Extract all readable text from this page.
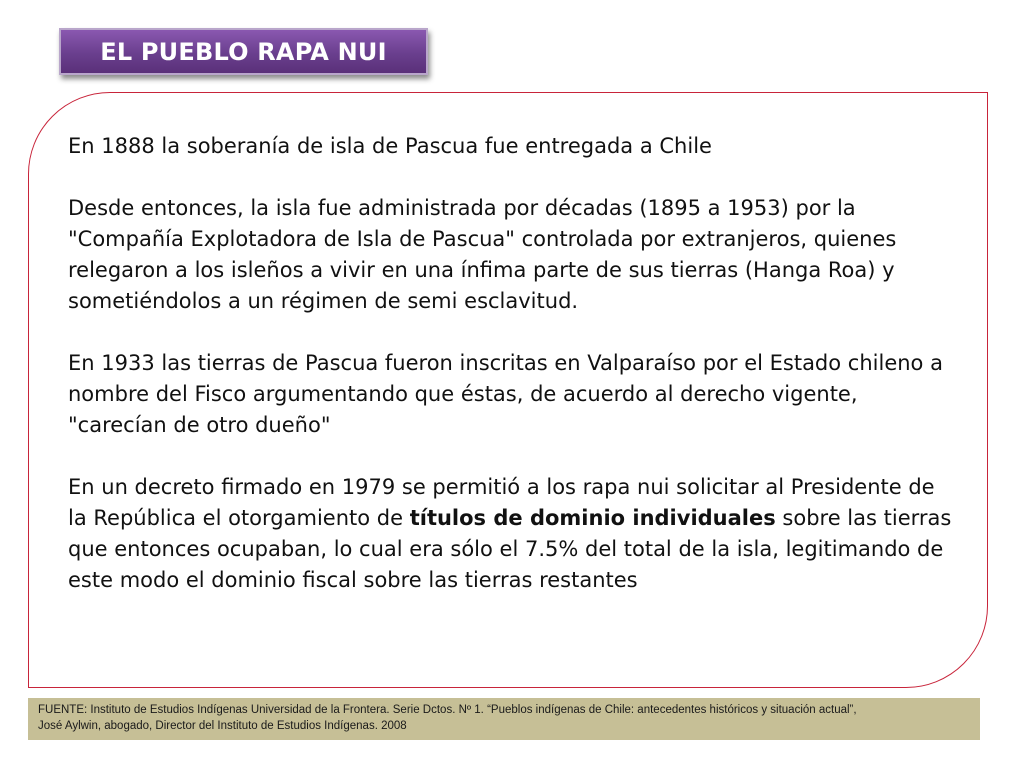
EL PUEBLO RAPA NUI

En 1888 la soberanía de isla de Pascua fue entregada a Chile

Desde entonces, la isla fue administrada por décadas (1895 a 1953) por la "Compañía Explotadora de Isla de Pascua" controlada por extranjeros, quienes relegaron a los isleños a vivir en una ínfima parte de sus tierras (Hanga Roa) y sometiéndolos a un régimen de semi esclavitud.

En 1933 las tierras de Pascua fueron inscritas en Valparaíso por el Estado chileno a nombre del Fisco argumentando que éstas, de acuerdo al derecho vigente, "carecían de otro dueño"

En un decreto firmado en 1979 se permitió a los rapa nui solicitar al Presidente de la República el otorgamiento de títulos de dominio individuales sobre las tierras que entonces ocupaban, lo cual era sólo el 7.5% del total de la isla, legitimando de este modo el dominio fiscal sobre las tierras restantes

FUENTE: Instituto de Estudios Indígenas Universidad de la Frontera. Serie Dctos. Nº 1. “Pueblos indígenas de Chile: antecedentes históricos y situación actual”,
José Aylwin, abogado, Director del Instituto de Estudios Indígenas. 2008
